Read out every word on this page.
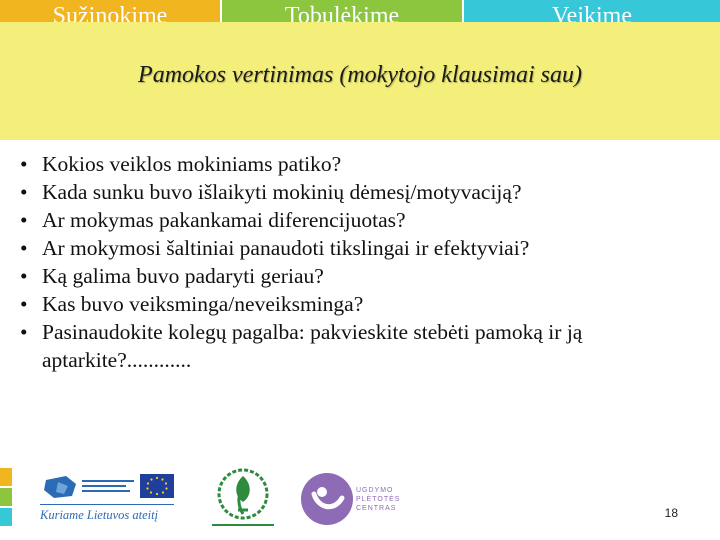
Sužinokime	Tobulėkime	Veikime
Pamokos vertinimas (mokytojo klausimai sau)
• Kokios veiklos mokiniams patiko?
• Kada sunku buvo išlaikyti mokinių dėmesį/motyvaciją?
• Ar mokymas pakankamai diferencijuotas?
• Ar mokymosi šaltiniai panaudoti tikslingai ir efektyviai?
• Ką galima buvo padaryti geriau?
• Kas buvo veiksminga/neveiksminga?
• Pasinaudokite kolegų pagalba: pakvieskite stebėti pamoką ir ją aptarkite?............
Kuriame Lietuvos ateitį
UGDYMO PLĖTOTĖS CENTRAS	18
